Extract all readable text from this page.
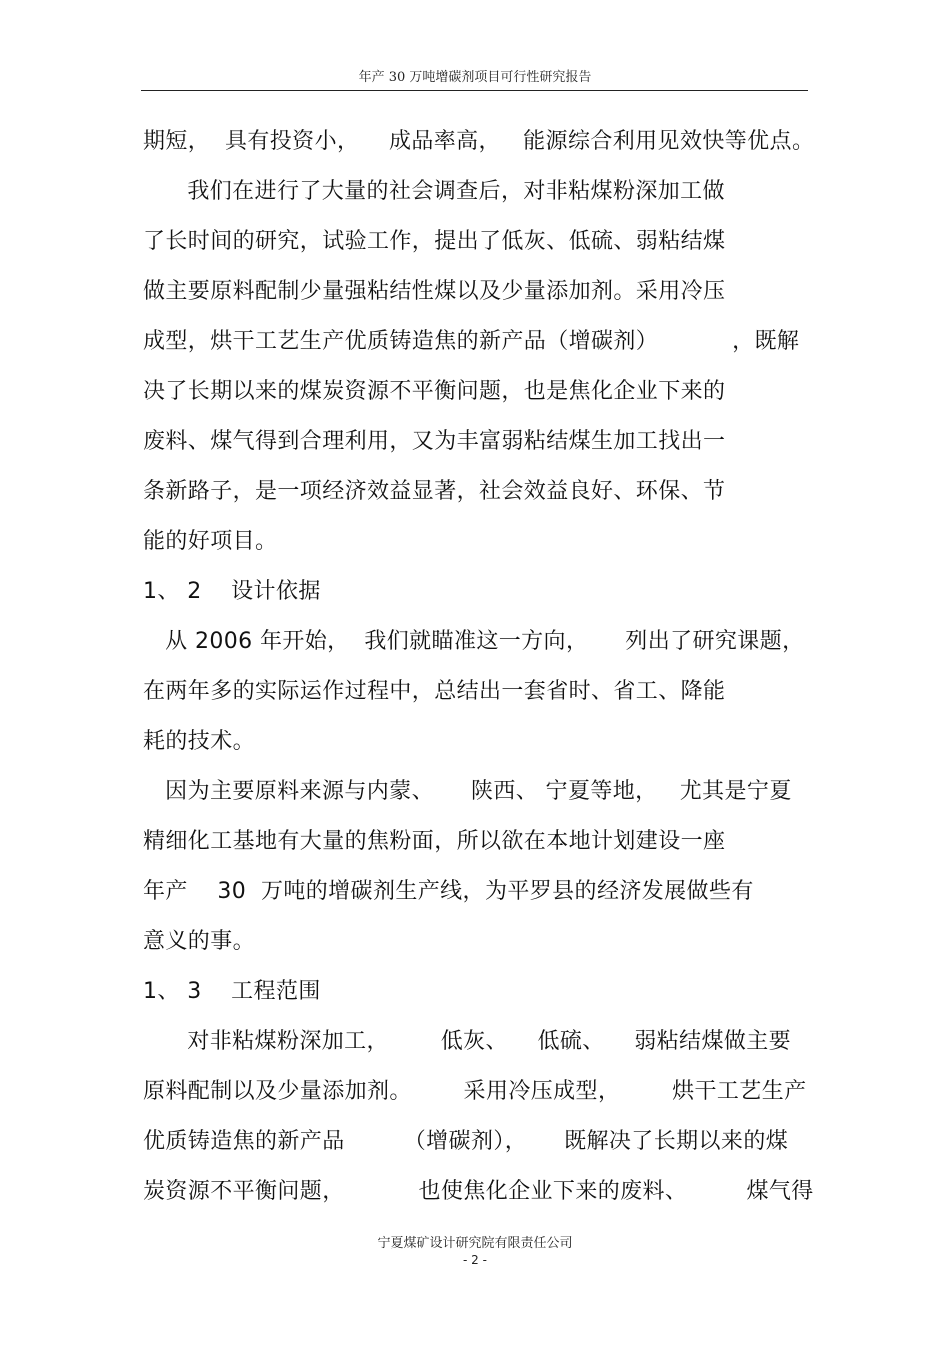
年产 30 万吨增碳剂项目可行性研究报告
期短，  具有投资小，    成品率高，   能源综合利用见效快等优点。
我们在进行了大量的社会调查后，对非粘煤粉深加工做
了长时间的研究，试验工作，提出了低灰、低硫、弱粘结煤
做主要原料配制少量强粘结性煤以及少量添加剂。采用冷压
成型，烘干工艺生产优质铸造焦的新产品（增碳剂）          ，既解
决了长期以来的煤炭资源不平衡问题，也是焦化企业下来的
废料、煤气得到合理利用，又为丰富弱粘结煤生加工找出一
条新路子，是一项经济效益显著，社会效益良好、环保、节
能的好项目。
1、 2    设计依据
从 2006 年开始，  我们就瞄准这一方向，     列出了研究课题，
在两年多的实际运作过程中，总结出一套省时、省工、降能
耗的技术。
因为主要原料来源与内蒙、     陕西、 宁夏等地，   尤其是宁夏
精细化工基地有大量的焦粉面，所以欲在本地计划建设一座
年产    30  万吨的增碳剂生产线，为平罗县的经济发展做些有
意义的事。
1、 3    工程范围
对非粘煤粉深加工，       低灰、    低硫、    弱粘结煤做主要
原料配制以及少量添加剂。       采用冷压成型，       烘干工艺生产
优质铸造焦的新产品        （增碳剂），     既解决了长期以来的煤
炭资源不平衡问题，          也使焦化企业下来的废料、        煤气得
宁夏煤矿设计研究院有限责任公司
- 2 -
